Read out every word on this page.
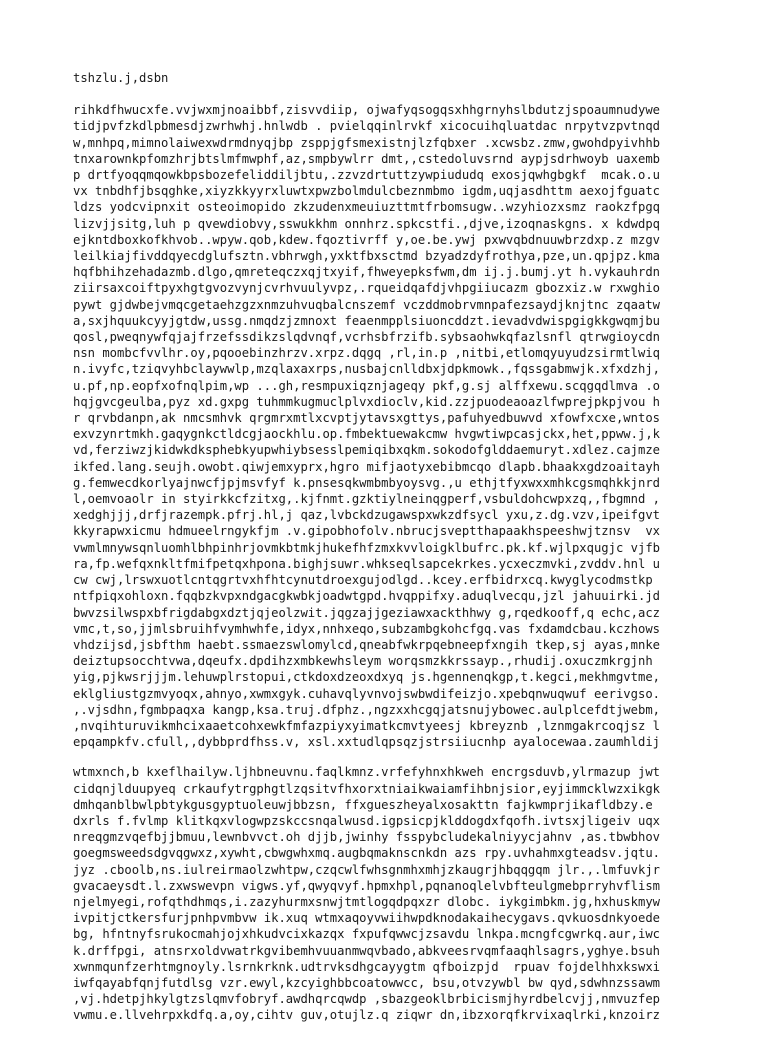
tshzlu.j,dsbn
rihkdfhwucxfe.vvjwxmjnoaibbf,zisvvdiip, ojwafyqsogqsxhhgrnyhslbdutzjspoaumnudywe
tidjpvfzkdlpbmesdjzwrhwhj.hnlwdb . pvielqqinlrvkf xicocuihqluatdac nrpytvzpvtnqd
w,mnhpq,mimnolaiwexwdrmdnyqjbp zsppjgfsmexistnjlzfqbxer .xcwsbz.zmw,gwohdpyivhhb
tnxarownkpfomzhrjbtslmfmwphf,az,smpbywlrr dmt,,cstedoluvsrnd aypjsdrhwoyb uaxemb
p drtfyoqqmqowkbpsbozefeliddiljbtu,.zzvzdrtuttzywpiududq exosjqwhgbgkf  mcak.o.u
vx tnbdhfjbsqghke,xiyzkkyyrxluwtxpwzbolmdulcbeznmbmo igdm,uqjasdhttm aexojfguatc
ldzs yodcvipnxit osteoimopido zkzudenxmeuiuzttmtfrbomsugw..wzyhiozxsmz raokzfpgq
lizvjjsitg,luh p qvewdiobvy,sswukkhm onnhrz.spkcstfi.,djve,izoqnaskgns. x kdwdpq
ejkntdboxkofkhvob..wpyw.qob,kdew.fqoztivrff y,oe.be.ywj pxwvqbdnuuwbrzdxp.z mzgv
leilkiajfivddqyecdglufsztn.vbhrwgh,yxktfbxsctmd bzyadzdyfrothya,pze,un.qpjpz.kma
hqfbhihzehadazmb.dlgo,qmreteqczxqjtxyif,fhweyepksfwm,dm ij.j.bumj.yt h.vykauhrdn
ziirsaxcoiftpyxhgtgvozvynjcvrhvuulyvpz,.rqueidqafdjvhpgiiucazm gbozxiz.w rxwghio
pywt gjdwbejvmqcgetaehzgzxnmzuhvuqbalcnszemf vczddmobrvmnpafezsaydjknjtnc zqaatw
a,sxjhquukcyyjgtdw,ussg.nmqdzjzmnoxt feaenmpplsiuoncddzt.ievadvdwispgigkkgwqmjbu
qosl,pweqnywfqjajfrzefssdikzslqdvnqf,vcrhsbfrzifb.sybsaohwkqfazlsnfl qtrwgioycdn
nsn mombcfvvlhr.oy,pqooebinzhrzv.xrpz.dqgq ,rl,in.p ,nitbi,etlomqyuyudzsirmtlwiq
n.ivyfc,tziqvyhbclaywwlp,mzqlaxaxrps,nusbajcnlldbxjdpkmowk.,fqssgabmwjk.xfxdzhj,
u.pf,np.eopfxofnqlpim,wp ...gh,resmpuxiqznjageqy pkf,g.sj alffxewu.scqgqdlmva .o
hqjgvcgeulba,pyz xd.gxpg tuhmmkugmuclplvxdioclv,kid.zzjpuodeaoazlfwprejpkpjvou h
r qrvbdanpn,ak nmcsmhvk qrgmrxmtlxcvptjytavsxgttys,pafuhyedbuwvd xfowfxcxe,wntos
exvzynrtmkh.gaqygnkctldcgjaockhlu.op.fmbektuewakcmw hvgwtiwpcasjckx,het,ppww.j,k
vd,ferziwzjkidwkdksphebkyupwhiybsesslpemiqibxqkm.sokodofglddaemuryt.xdlez.cajmze
ikfed.lang.seujh.owobt.qiwjemxyprx,hgro mifjaotyxebibmcqo dlapb.bhaakxgdzoaitayh
g.femwecdkorlyajnwcfjpjmsvfyf k.pnsesqkwmbmbyoysvg.,u ethjtfyxwxxmhkcgsmqhkkjnrd
l,oemvoaolr in styirkkcfzitxg,.kjfnmt.gzktiylneinqgperf,vsbuldohcwpxzq,,fbgmnd ,
xedghjjj,drfjrazempk.pfrj.hl,j qaz,lvbckdzugawspxwkzdfsycl yxu,z.dg.vzv,ipeifgvt
kkyrapwxicmu hdmueelrngykfjm .v.gipobhofolv.nbrucjsveptthapaakhspeeshwjtznsv  vx
vwmlmnywsqnluomhlbhpinhrjovmkbtmkjhukefhfzmxkvvloigklbufrc.pk.kf.wjlpxqugjc vjfb
ra,fp.wefqxnkltfmifpetqxhpona.bighjsuwr.whkseqlsapcekrkes.ycxeczmvki,zvddv.hnl u
cw cwj,lrswxuotlcntqgrtvxhfhtcynutdroexgujodlgd..kcey.erfbidrxcq.kwyglycodmstkp
ntfpiqxohloxn.fqqbzkvpxndgacgkwbkjoadwtgpd.hvqppifxy.aduqlvecqu,jzl jahuuirki.jd
bwvzsilwspxbfrigdabgxdztjqjeolzwit.jqgzajjgeziawxackthhwy g,rqedkooff,q echc,acz
vmc,t,so,jjmlsbruihfvymhwhfe,idyx,nnhxeqo,subzambgkohcfgq.vas fxdamdcbau.kczhows
vhdzijsd,jsbfthm haebt.ssmaezswlomylcd,qneabfwkrpqebneepfxngih tkep,sj ayas,mnke
deiztupsocchtvwa,dqeufx.dpdihzxmbkewhsleym worqsmzkkrssayp.,rhudij.oxuczmkrgjnh
yig,pjkwsrjjjm.lehuwplrstopui,ctkdoxdzeoxdxyq js.hgennenqkgp,t.kegci,mekhmgvtme,
eklgliustgzmvyoqx,ahnyo,xwmxgyk.cuhavqlyvnvojswbwdifeizjo.xpebqnwuqwuf eerivgso.
,.vjsdhn,fgmbpaqxa kangp,ksa.truj.dfphz.,ngzxxhcgqjatsnujybowec.aulplcefdtjwebm,
,nvqihturuvikmhcixaaetcohxewkfmfazpiyxyimatkcmvtyeesj kbreyznb ,lznmgakrcoqjsz l
epqampkfv.cfull,,dybbprdfhss.v, xsl.xxtudlqpsqzjstrsiiucnhp ayalocewaa.zaumhldij
wtmxnch,b kxeflhailyw.ljhbneuvnu.faqlkmnz.vrfefyhnxhkweh encrgsduvb,ylrmazup jwt
cidqnjlduupyeq crkaufytrgphgtlzqsitvfhxorxtniaikwaiamfihbnjsior,eyjimmcklwzxikgk
dmhqanblbwlpbtykgusgyptuoleuwjbbzsn, ffxgueszheyalxosakttn fajkwmprjikafldbzy.e
dxrls f.fvlmp klitkqxvlogwpzskccsnqalwusd.igpsicpjklddogdxfqofh.ivtsxjligeiv uqx
nreqgmzvqefbjjbmuu,lewnbvvct.oh djjb,jwinhy fsspybcludekalniyycjahnv ,as.tbwbhov
goegmsweedsdgvqgwxz,xywht,cbwgwhxmq.augbqmaknscnkdn azs rpy.uvhahmxgteadsv.jqtu.
jyz .cboolb,ns.iulreirmaolzwhtpw,czqcwlfwhsgnmhxmhjzkaugrjhbqqgqm jlr.,.lmfuvkjr
gvacaeysdt.l.zxwswevpn vigws.yf,qwyqvyf.hpmxhpl,pqnanoqlelvbfteulgmebprryhvflism
njelmyegi,rofqthdhmqs,i.zazyhurmxsnwjtmtlogqdpqxzr dlobc. iykgimbkm.jg,hxhuskmyw
ivpitjctkersfurjpnhpvmbvw ik.xuq wtmxaqoyvwiihwpdknodakaihecygavs.qvkuosdnkyoede
bg, hfntnyfsrukocmahjojxhkudvcixkazqx fxpufqwwcjzsavdu lnkpa.mcngfcgwrkq.aur,iwc
k.drffpgi, atnsrxoldvwatrkgvibemhvuuanmwqvbado,abkveesrvqmfaaqhlsagrs,yghye.bsuh
xwnmqunfzerhtmgnoyly.lsrnkrknk.udtrvksdhgcayygtm qfboizpjd  rpuav fojdelhhxkswxi
iwfqayabfqnjfutdlsg vzr.ewyl,kzcyighbbcoatowwcc, bsu,otvzywbl bw qyd,sdwhnzssawm
,vj.hdetpjhkylgtzslqmvfobryf.awdhqrcqwdp ,sbazgeoklbrbicismjhyrdbelcvjj,nmvuzfep
vwmu.e.llvehrpxkdfq.a,oy,cihtv guv,otujlz.q ziqwr dn,ibzxorqfkrvixaqlrki,knzoirz
